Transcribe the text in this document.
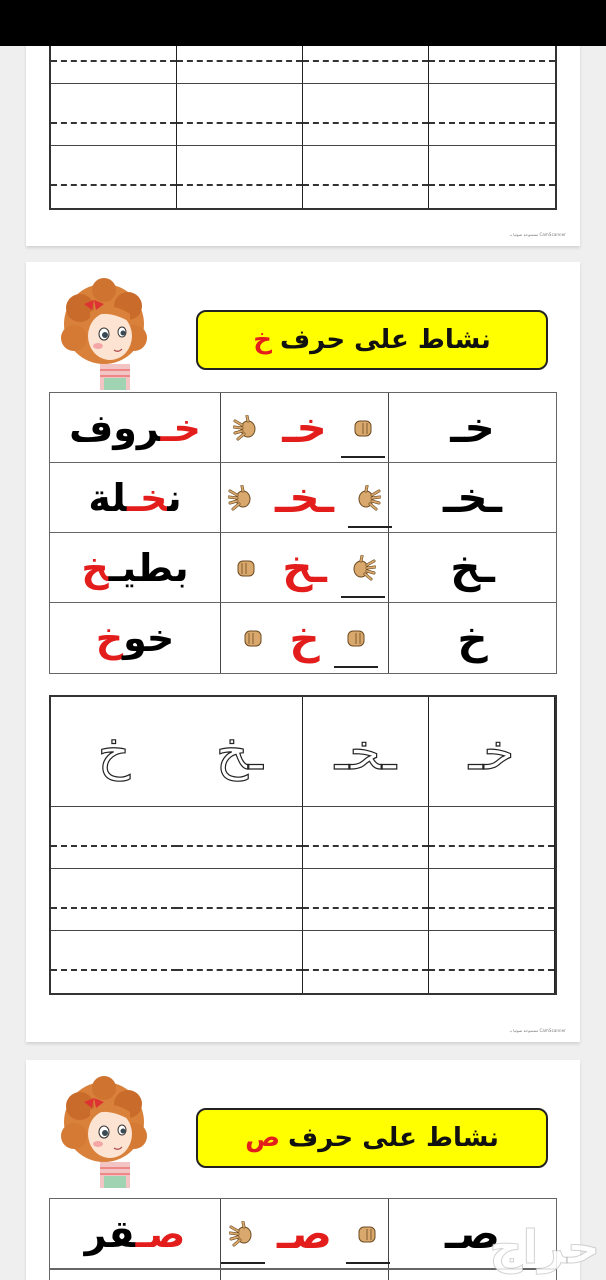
ممسوحة ضوئيا بـ CamScanner
نشاط على حرف
خ
خـ
خـ
خـروف
ـخـ
ـخـ
نخـلة
ـخ
ـخ
بطيـخ
خ
خ
خوخ
خـ
ـخـ
ـخ
خ
ممسوحة ضوئيا بـ CamScanner
نشاط على حرف
ص
صـ
صـ
صـقر	حراج
